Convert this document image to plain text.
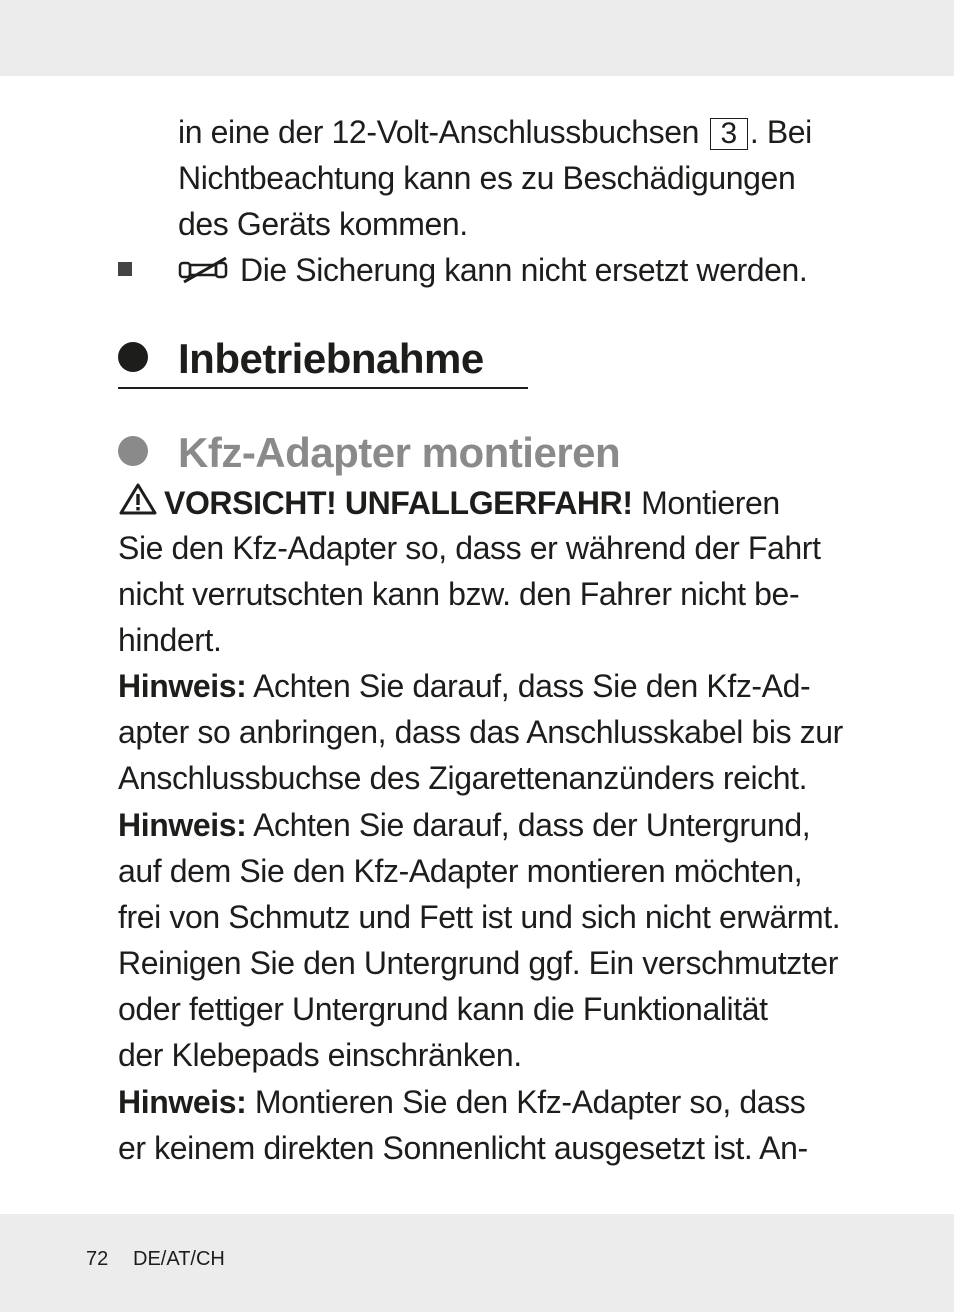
in eine der 12-Volt-Anschlussbuchsen 3 . Bei
Nichtbeachtung kann es zu Beschädigungen
des Geräts kommen.
Die Sicherung kann nicht ersetzt werden.
Inbetriebnahme
Kfz-Adapter montieren
VORSICHT! UNFALLGERFAHR! Montieren
Sie den Kfz-Adapter so, dass er während der Fahrt
nicht verrutschten kann bzw. den Fahrer nicht be-
hindert.
Hinweis: Achten Sie darauf, dass Sie den Kfz-Ad-
apter so anbringen, dass das Anschlusskabel bis zur
Anschlussbuchse des Zigarettenanzünders reicht.
Hinweis: Achten Sie darauf, dass der Untergrund,
auf dem Sie den Kfz-Adapter montieren möchten,
frei von Schmutz und Fett ist und sich nicht erwärmt.
Reinigen Sie den Untergrund ggf. Ein verschmutzter
oder fettiger Untergrund kann die Funktionalität
der Klebepads einschränken.
Hinweis: Montieren Sie den Kfz-Adapter so, dass
er keinem direkten Sonnenlicht ausgesetzt ist. An-
72 DE/AT/CH
